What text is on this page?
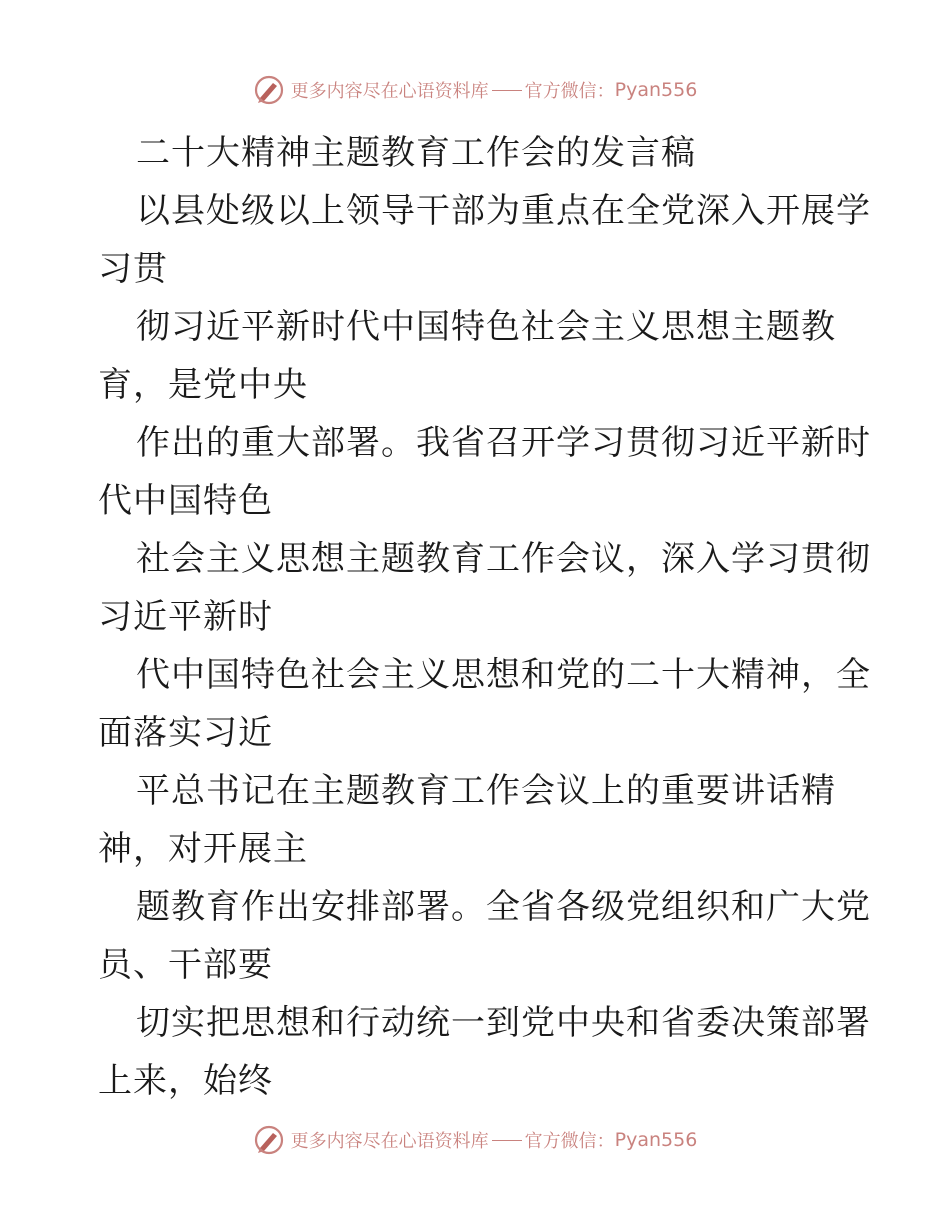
更多内容尽在心语资料库 官方微信： Pyan556
二十大精神主题教育工作会的发言稿
以县处级以上领导干部为重点在全党深入开展学
习贯
彻习近平新时代中国特色社会主义思想主题教
育，是党中央
作出的重大部署。我省召开学习贯彻习近平新时
代中国特色
社会主义思想主题教育工作会议，深入学习贯彻
习近平新时
代中国特色社会主义思想和党的二十大精神，全
面落实习近
平总书记在主题教育工作会议上的重要讲话精
神，对开展主
题教育作出安排部署。全省各级党组织和广大党
员、干部要
切实把思想和行动统一到党中央和省委决策部署
上来，始终
更多内容尽在心语资料库 官方微信： Pyan556
